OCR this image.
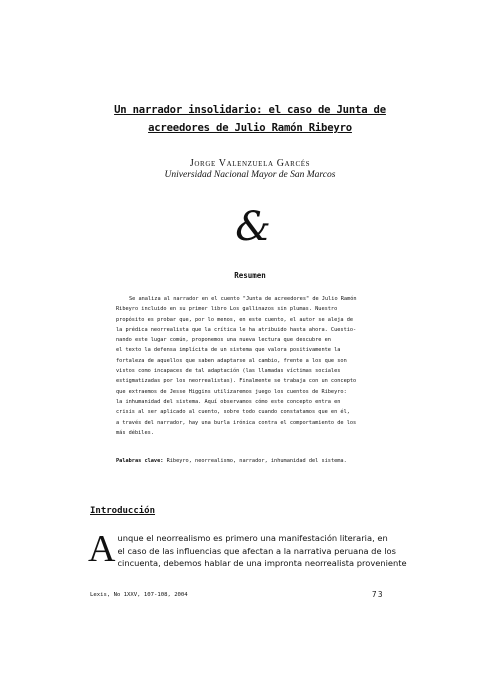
Un narrador insolidario: el caso de Junta de
acreedores de Julio Ramón Ribeyro
Jorge Valenzuela Garcés
Universidad Nacional Mayor de San Marcos
&
Resumen
Se analiza al narrador en el cuento "Junta de acreedores" de Julio Ramón
Ribeyro incluido en su primer libro Los gallinazos sin plumas. Nuestro
propósito es probar que, por lo menos, en este cuento, el autor se aleja de
la prédica neorrealista que la crítica le ha atribuido hasta ahora. Cuestio-
nando este lugar común, proponemos una nueva lectura que descubre en
el texto la defensa implícita de un sistema que valora positivamente la
fortaleza de aquellos que saben adaptarse al cambio, frente a los que son
vistos como incapaces de tal adaptación (las llamadas víctimas sociales
estigmatizadas por los neorrealistas). Finalmente se trabaja con un concepto
que extraemos de Jesse Higgins utilizaremos juego los cuentos de Ribeyro:
la inhumanidad del sistema. Aquí observamos cómo este concepto entra en
crisis al ser aplicado al cuento, sobre todo cuando constatamos que en él,
a través del narrador, hay una burla irónica contra el comportamiento de los
más débiles.
Palabras clave: Ribeyro, neorrealismo, narrador, inhumanidad del sistema.
Introducción
A unque el neorrealismo es primero una manifestación literaria, en
el caso de las influencias que afectan a la narrativa peruana de los
cincuenta, debemos hablar de una impronta neorrealista proveniente
Lexis, No 1XXV, 107-108, 2004	73
